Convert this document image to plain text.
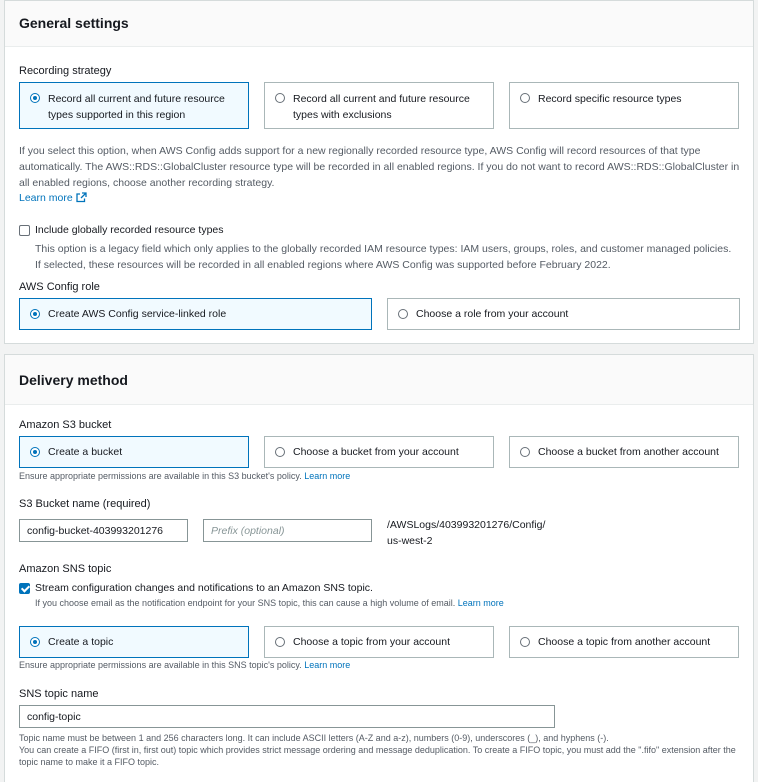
General settings
Recording strategy
Record all current and future resource types supported in this region
Record all current and future resource types with exclusions
Record specific resource types
If you select this option, when AWS Config adds support for a new regionally recorded resource type, AWS Config will record resources of that type automatically. The AWS::RDS::GlobalCluster resource type will be recorded in all enabled regions. If you do not want to record AWS::RDS::GlobalCluster in all enabled regions, choose another recording strategy.
Learn more
Include globally recorded resource types
This option is a legacy field which only applies to the globally recorded IAM resource types: IAM users, groups, roles, and customer managed policies. If selected, these resources will be recorded in all enabled regions where AWS Config was supported before February 2022.
AWS Config role
Create AWS Config service-linked role	Choose a role from your account
Delivery method
Amazon S3 bucket
Create a bucket	Choose a bucket from your account	Choose a bucket from another account
Ensure appropriate permissions are available in this S3 bucket's policy. Learn more
S3 Bucket name (required)
config-bucket-403993201276
Prefix (optional)
/AWSLogs/403993201276/Config/
us-west-2
Amazon SNS topic
Stream configuration changes and notifications to an Amazon SNS topic.
If you choose email as the notification endpoint for your SNS topic, this can cause a high volume of email. Learn more
Create a topic	Choose a topic from your account	Choose a topic from another account
Ensure appropriate permissions are available in this SNS topic's policy. Learn more
SNS topic name
config-topic
Topic name must be between 1 and 256 characters long. It can include ASCII letters (A-Z and a-z), numbers (0-9), underscores (_), and hyphens (-).
You can create a FIFO (first in, first out) topic which provides strict message ordering and message deduplication. To create a FIFO topic, you must add the ".fifo" extension after the topic name to make it a FIFO topic.
